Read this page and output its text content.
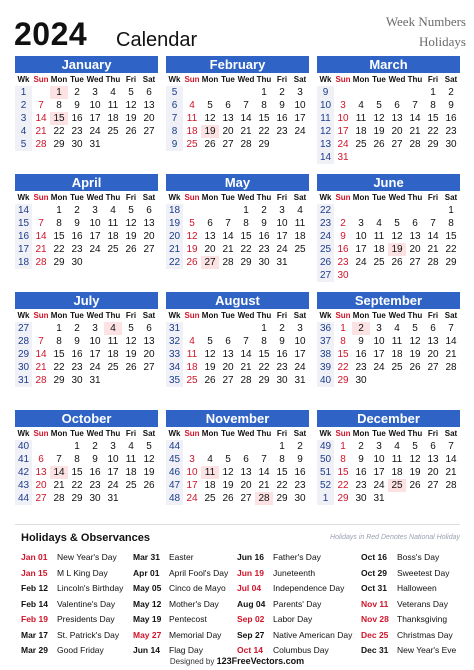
2024 Calendar
Week Numbers
Holidays
January
Wk	Sun	Mon	Tue	Wed	Thu	Fri	Sat
1		1	2	3	4	5	6
2	7	8	9	10	11	12	13
3	14	15	16	17	18	19	20
4	21	22	23	24	25	26	27
5	28	29	30	31			
February
Wk	Sun	Mon	Tue	Wed	Thu	Fri	Sat
5					1	2	3
6	4	5	6	7	8	9	10
7	11	12	13	14	15	16	17
8	18	19	20	21	22	23	24
9	25	26	27	28	29		
March
Wk	Sun	Mon	Tue	Wed	Thu	Fri	Sat
9						1	2
10	3	4	5	6	7	8	9
11	10	11	12	13	14	15	16
12	17	18	19	20	21	22	23
13	24	25	26	27	28	29	30
14	31						
April
Wk	Sun	Mon	Tue	Wed	Thu	Fri	Sat
14		1	2	3	4	5	6
15	7	8	9	10	11	12	13
16	14	15	16	17	18	19	20
17	21	22	23	24	25	26	27
18	28	29	30				
May
Wk	Sun	Mon	Tue	Wed	Thu	Fri	Sat
18				1	2	3	4
19	5	6	7	8	9	10	11
20	12	13	14	15	16	17	18
21	19	20	21	22	23	24	25
22	26	27	28	29	30	31	
June
Wk	Sun	Mon	Tue	Wed	Thu	Fri	Sat
22							1
23	2	3	4	5	6	7	8
24	9	10	11	12	13	14	15
25	16	17	18	19	20	21	22
26	23	24	25	26	27	28	29
27	30						
July
Wk	Sun	Mon	Tue	Wed	Thu	Fri	Sat
27		1	2	3	4	5	6
28	7	8	9	10	11	12	13
29	14	15	16	17	18	19	20
30	21	22	23	24	25	26	27
31	28	29	30	31			
August
Wk	Sun	Mon	Tue	Wed	Thu	Fri	Sat
31					1	2	3
32	4	5	6	7	8	9	10
33	11	12	13	14	15	16	17
34	18	19	20	21	22	23	24
35	25	26	27	28	29	30	31
September
Wk	Sun	Mon	Tue	Wed	Thu	Fri	Sat
36	1	2	3	4	5	6	7
37	8	9	10	11	12	13	14
38	15	16	17	18	19	20	21
39	22	23	24	25	26	27	28
40	29	30					
October
Wk	Sun	Mon	Tue	Wed	Thu	Fri	Sat
40			1	2	3	4	5
41	6	7	8	9	10	11	12
42	13	14	15	16	17	18	19
43	20	21	22	23	24	25	26
44	27	28	29	30	31		
November
Wk	Sun	Mon	Tue	Wed	Thu	Fri	Sat
44						1	2
45	3	4	5	6	7	8	9
46	10	11	12	13	14	15	16
47	17	18	19	20	21	22	23
48	24	25	26	27	28	29	30
December
Wk	Sun	Mon	Tue	Wed	Thu	Fri	Sat
49	1	2	3	4	5	6	7
50	8	9	10	11	12	13	14
51	15	16	17	18	19	20	21
52	22	23	24	25	26	27	28
1	29	30	31				
Holidays & Observances	Holidays in Red Denotes National Holiday
Jan 01 New Year's Day
Jan 15 M L King Day
Feb 12 Lincoln's Birthday
Feb 14 Valentine's Day
Feb 19 Presidents Day
Mar 17 St. Patrick's Day
Mar 29 Good Friday
Mar 31 Easter
Apr 01 April Fool's Day
May 05 Cinco de Mayo
May 12 Mother's Day
May 19 Pentecost
May 27 Memorial Day
Jun 14 Flag Day
Jun 16 Father's Day
Jun 19 Juneteenth
Jul 04 Independence Day
Aug 04 Parents' Day
Sep 02 Labor Day
Sep 27 Native American Day
Oct 14 Columbus Day
Oct 16 Boss's Day
Oct 29 Sweetest Day
Oct 31 Halloween
Nov 11 Veterans Day
Nov 28 Thanksgiving
Dec 25 Christmas Day
Dec 31 New Year's Eve
Designed by 123FreeVectors.com
